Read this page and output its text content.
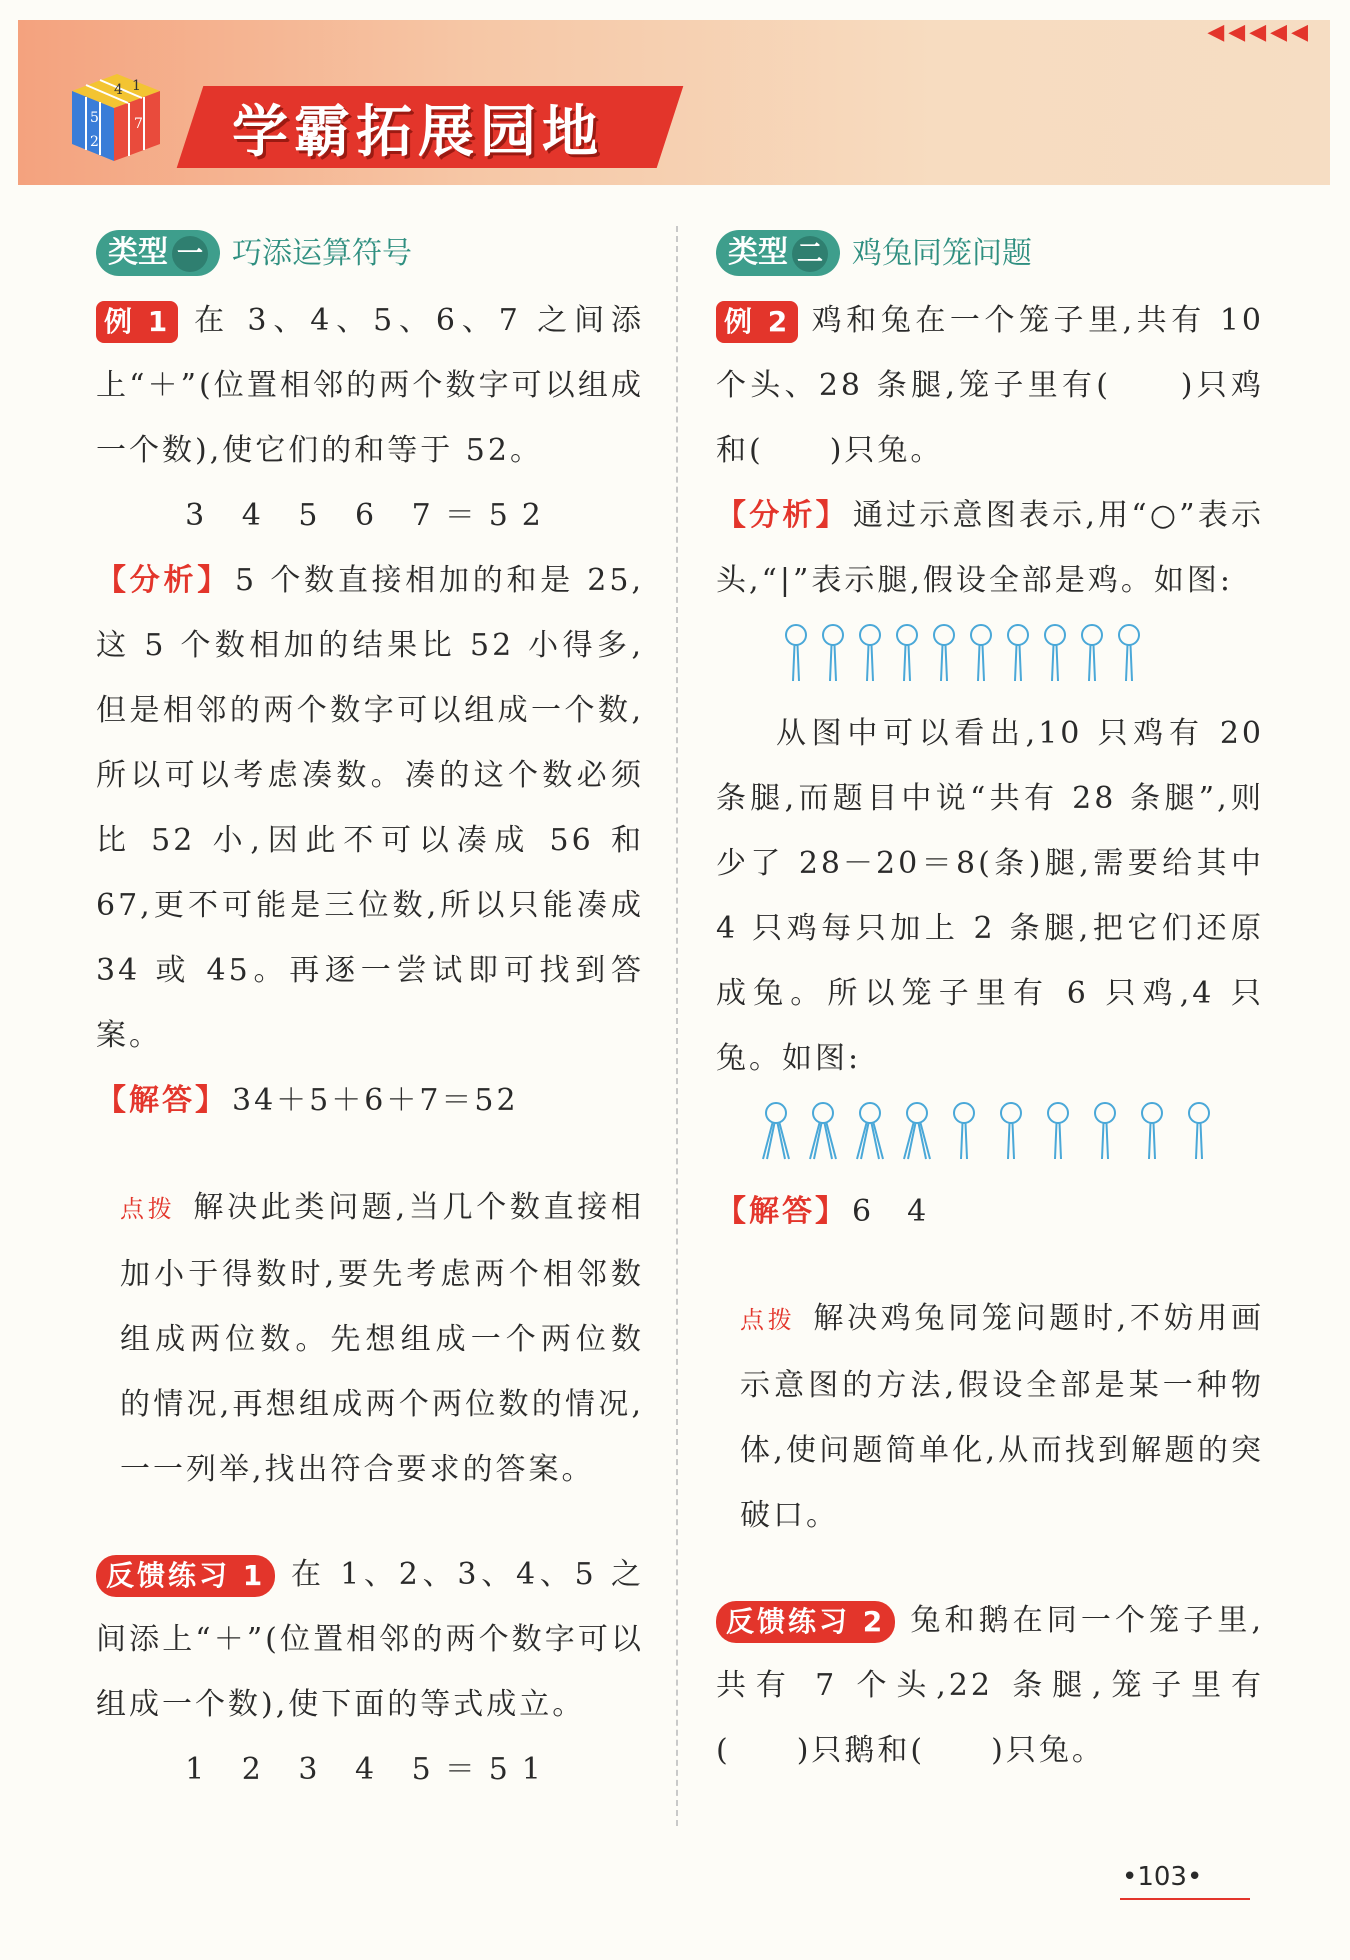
学霸拓展园地
◀◀◀◀◀
4 1
5
2
7
类型 一 巧添运算符号

例 1 在 3、4、5、6、7 之间添上“＋”(位置相邻的两个数字可以组成一个数),使它们的和等于 52。

3 4 5 6 7＝52

【分析】 5 个数直接相加的和是 25,这 5 个数相加的结果比 52 小得多,但是相邻的两个数字可以组成一个数,所以可以考虑凑数。凑的这个数必须比 52 小,因此不可以凑成 56 和 67,更不可能是三位数,所以只能凑成 34 或 45。再逐一尝试即可找到答案。

【解答】 34＋5＋6＋7＝52

点拨 解决此类问题,当几个数直接相加小于得数时,要先考虑两个相邻数组成两位数。先想组成一个两位数的情况,再想组成两个两位数的情况,一一列举,找出符合要求的答案。

反馈练习 1 在 1、2、3、4、5 之间添上“＋”(位置相邻的两个数字可以组成一个数),使下面的等式成立。

1 2 3 4 5＝51

类型 二 鸡兔同笼问题

例 2 鸡和兔在一个笼子里,共有 10 个头、28 条腿,笼子里有(　　)只鸡和(　　)只兔。

【分析】 通过示意图表示,用“○”表示头,“|”表示腿,假设全部是鸡。如图:

从图中可以看出,10 只鸡有 20 条腿,而题目中说“共有 28 条腿”,则少了 28－20＝8(条)腿,需要给其中 4 只鸡每只加上 2 条腿,把它们还原成兔。所以笼子里有 6 只鸡,4 只兔。如图:

【解答】 6　4

点拨 解决鸡兔同笼问题时,不妨用画示意图的方法,假设全部是某一种物体,使问题简单化,从而找到解题的突破口。

反馈练习 2 兔和鹅在同一个笼子里,共有 7 个头,22 条腿,笼子里有(　　)只鹅和(　　)只兔。

•103•
